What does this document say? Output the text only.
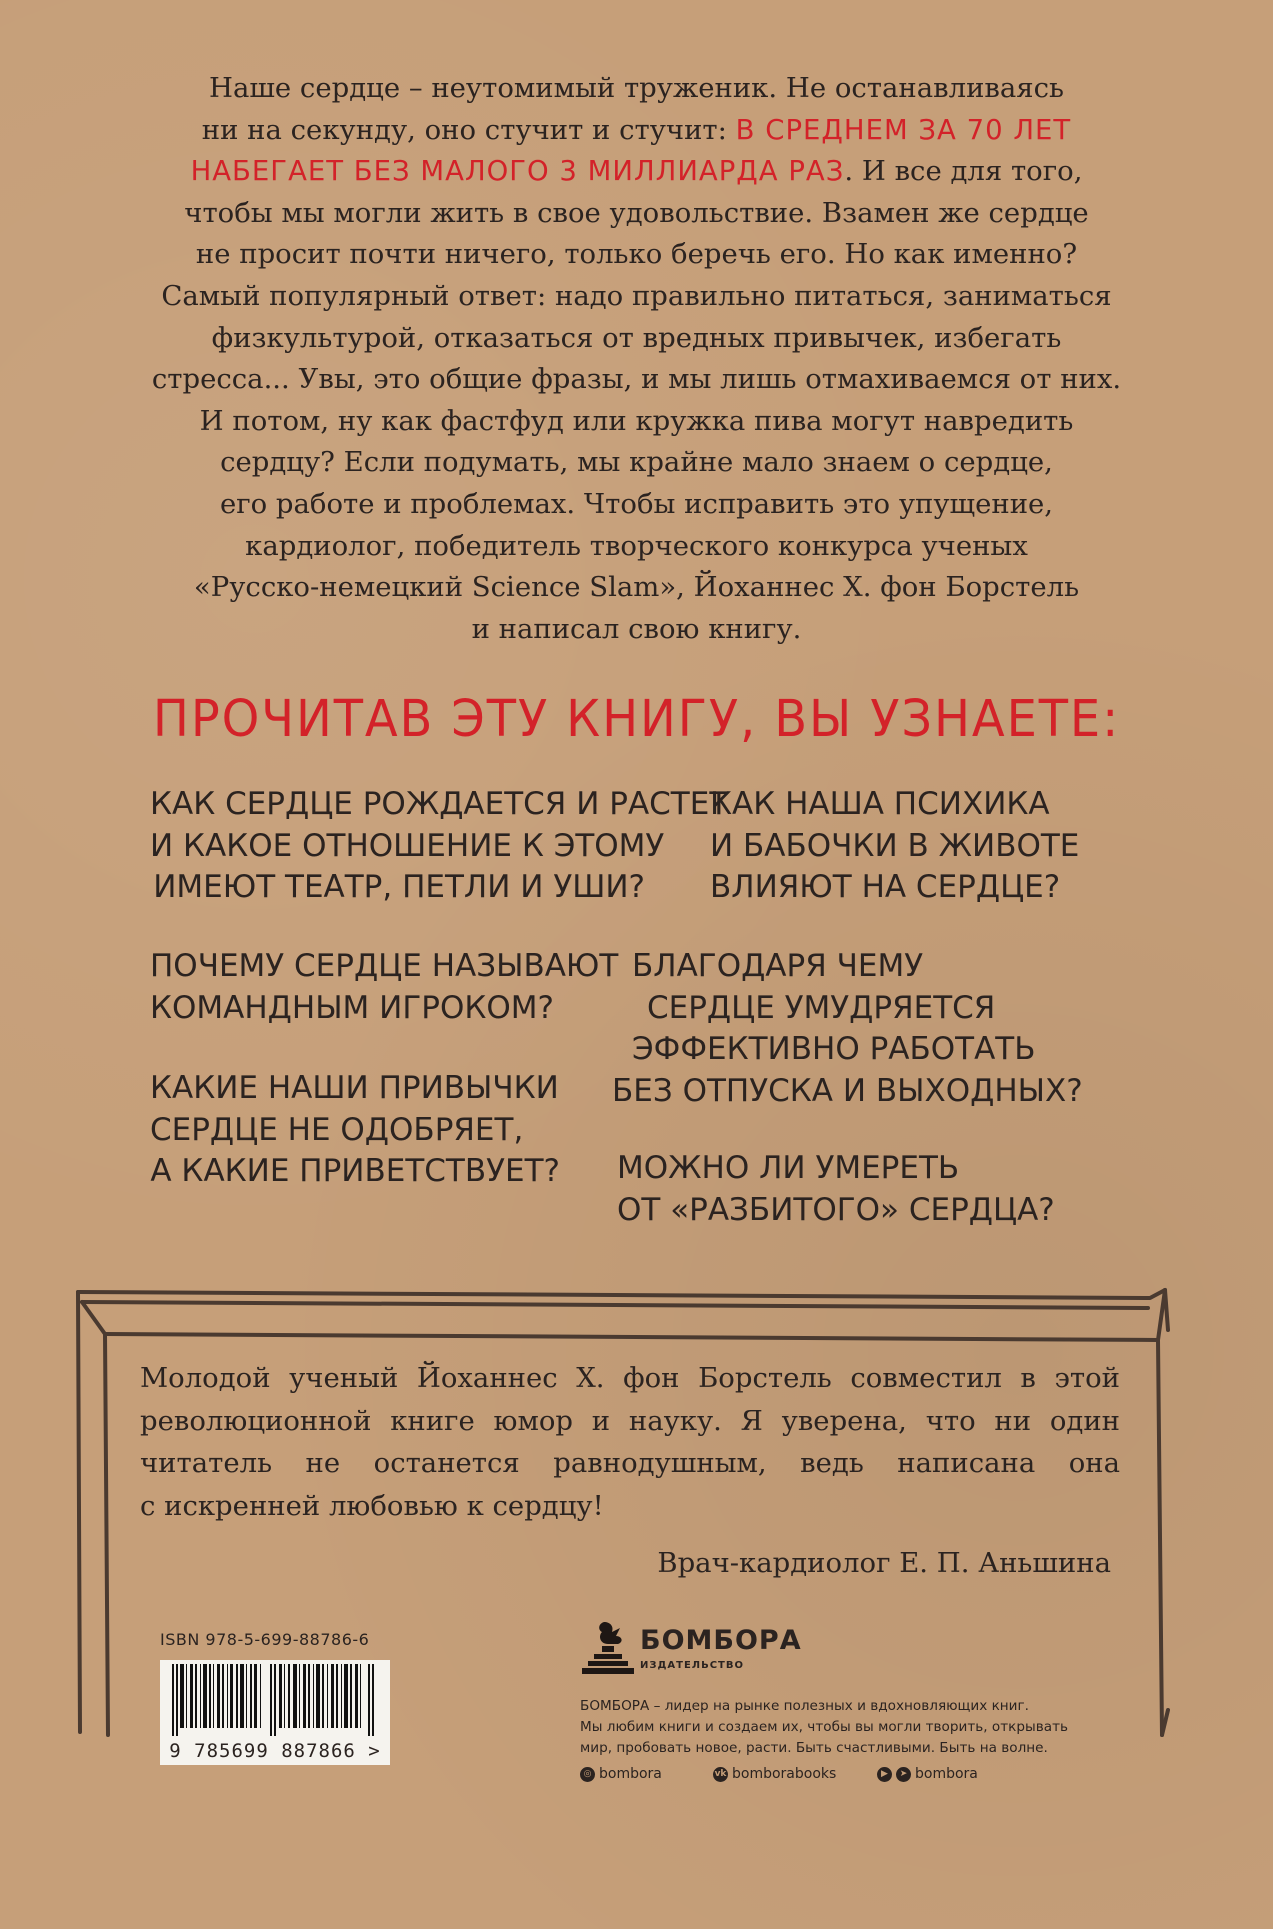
Наше сердце – неутомимый труженик. Не останавливаясь
ни на секунду, оно стучит и стучит: В СРЕДНЕМ ЗА 70 ЛЕТ
НАБЕГАЕТ БЕЗ МАЛОГО 3 МИЛЛИАРДА РАЗ. И все для того,
чтобы мы могли жить в свое удовольствие. Взамен же сердце
не просит почти ничего, только беречь его. Но как именно?
Самый популярный ответ: надо правильно питаться, заниматься
физкультурой, отказаться от вредных привычек, избегать
стресса... Увы, это общие фразы, и мы лишь отмахиваемся от них.
И потом, ну как фастфуд или кружка пива могут навредить
сердцу? Если подумать, мы крайне мало знаем о сердце,
его работе и проблемах. Чтобы исправить это упущение,
кардиолог, победитель творческого конкурса ученых
«Русско-немецкий Science Slam», Йоханнес Х. фон Борстель
и написал свою книгу.
ПРОЧИТАВ ЭТУ КНИГУ, ВЫ УЗНАЕТЕ:
КАК СЕРДЦЕ РОЖДАЕТСЯ И РАСТЕТ
И КАКОЕ ОТНОШЕНИЕ К ЭТОМУ
ИМЕЮТ ТЕАТР, ПЕТЛИ И УШИ?
КАК НАША ПСИХИКА
И БАБОЧКИ В ЖИВОТЕ
ВЛИЯЮТ НА СЕРДЦЕ?
ПОЧЕМУ СЕРДЦЕ НАЗЫВАЮТ
КОМАНДНЫМ ИГРОКОМ?
БЛАГОДАРЯ ЧЕМУ
СЕРДЦЕ УМУДРЯЕТСЯ
ЭФФЕКТИВНО РАБОТАТЬ
БЕЗ ОТПУСКА И ВЫХОДНЫХ?
КАКИЕ НАШИ ПРИВЫЧКИ
СЕРДЦЕ НЕ ОДОБРЯЕТ,
А КАКИЕ ПРИВЕТСТВУЕТ? МОЖНО ЛИ УМЕРЕТЬ
ОТ «РАЗБИТОГО» СЕРДЦА?
Молодой ученый Йоханнес Х. фон Борстель совместил в этой
революционной книге юмор и науку. Я уверена, что ни один
читатель не останется равнодушным, ведь написана она
с искренней любовью к сердцу!
Врач-кардиолог Е. П. Аньшина
ISBN 978-5-699-88786-6
9 785699 887866 >
БОМБОРА
ИЗДАТЕЛЬСТВО
БОМБОРА – лидер на рынке полезных и вдохновляющих книг.
Мы любим книги и создаем их, чтобы вы могли творить, открывать
мир, пробовать новое, расти. Быть счастливыми. Быть на волне.
◎ bombora	vk bomborabooks	▶	➤ bombora
